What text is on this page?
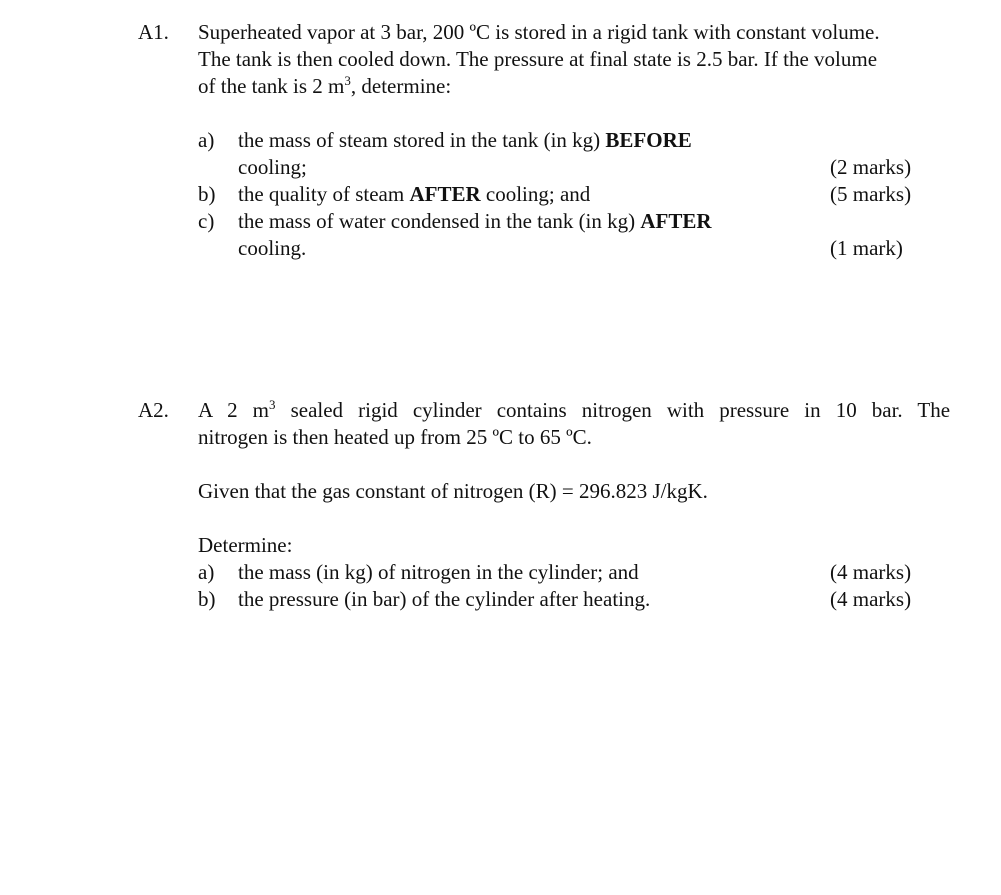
A1. Superheated vapor at 3 bar, 200 ºC is stored in a rigid tank with constant volume.
The tank is then cooled down. The pressure at final state is 2.5 bar. If the volume
of the tank is 2 $m^3$, determine:
a) the mass of steam stored in the tank (in kg) BEFORE
cooling;	(2 marks)
b) the quality of steam AFTER cooling; and	(5 marks)
c) the mass of water condensed in the tank (in kg) AFTER
cooling.	(1 mark)
A2. A 2 $m^3$ sealed rigid cylinder contains nitrogen with pressure in 10 bar. The
nitrogen is then heated up from 25 ºC to 65 ºC.
Given that the gas constant of nitrogen (R) = 296.823 J/kgK.
Determine:
a) the mass (in kg) of nitrogen in the cylinder; and	(4 marks)
b) the pressure (in bar) of the cylinder after heating.	(4 marks)
